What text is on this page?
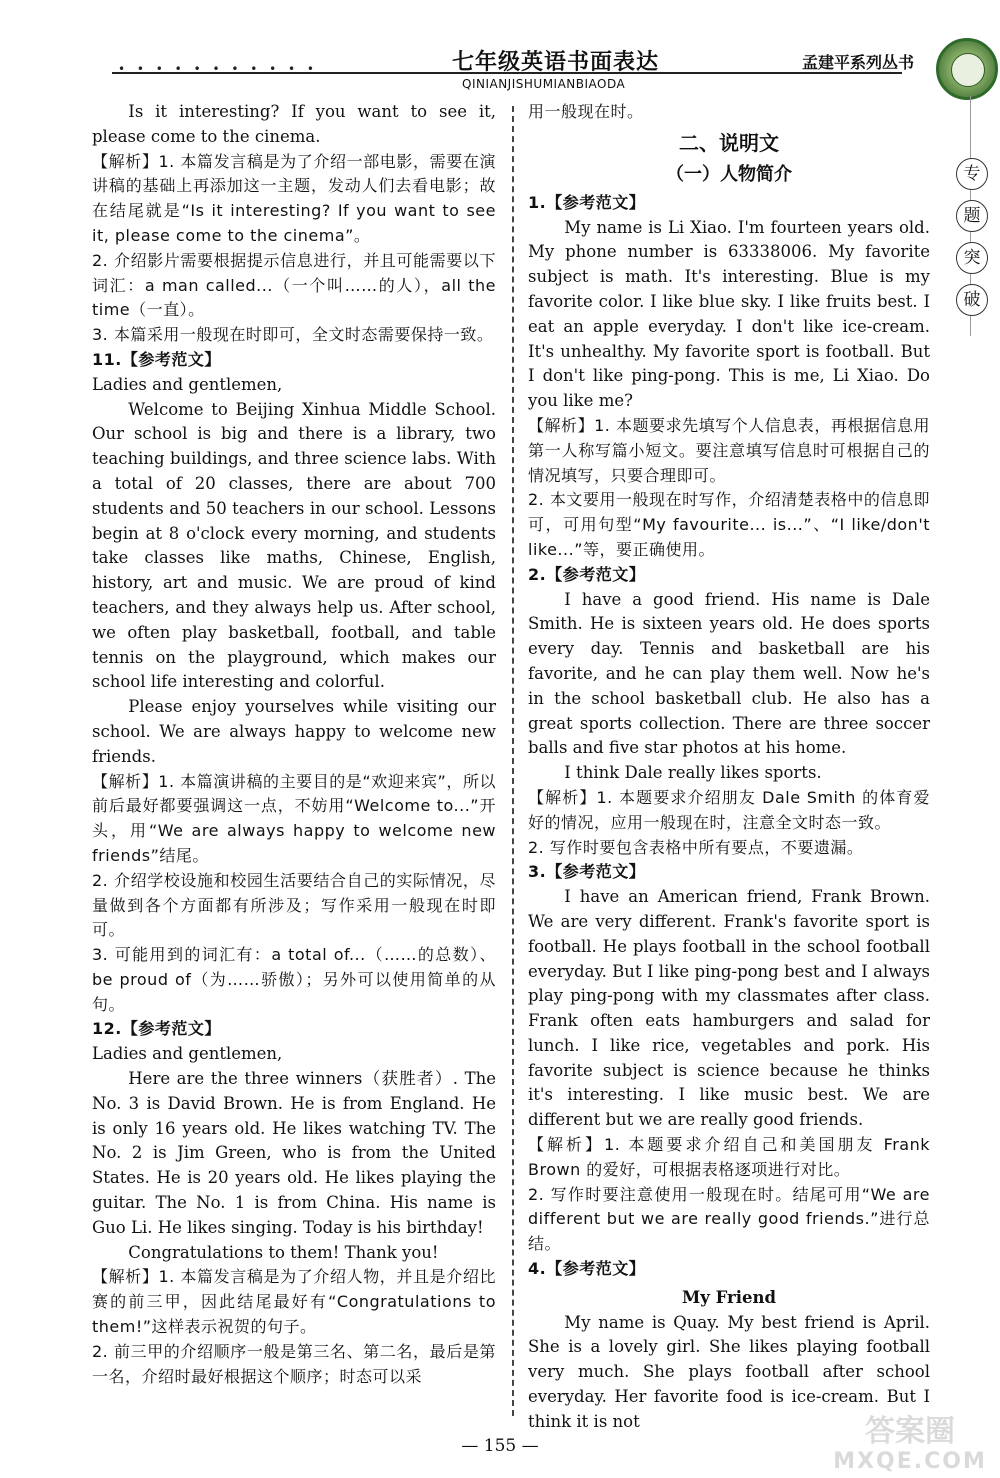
• • • • • • • • • • •	七年级英语书面表达
QINIANJISHUMIANBIAODA
孟建平系列丛书
专
题
突
破

Is it interesting? If you want to see it, please come to the cinema.

【解析】1. 本篇发言稿是为了介绍一部电影，需要在演讲稿的基础上再添加这一主题，发动人们去看电影；故在结尾就是“Is it interesting? If you want to see it, please come to the cinema”。

2. 介绍影片需要根据提示信息进行，并且可能需要以下词汇：a man called...（一个叫……的人），all the time（一直）。

3. 本篇采用一般现在时即可，全文时态需要保持一致。

11.【参考范文】

Ladies and gentlemen,

Welcome to Beijing Xinhua Middle School. Our school is big and there is a library, two teaching buildings, and three science labs. With a total of 20 classes, there are about 700 students and 50 teachers in our school. Lessons begin at 8 o'clock every morning, and students take classes like maths, Chinese, English, history, art and music. We are proud of kind teachers, and they always help us. After school, we often play basketball, football, and table tennis on the playground, which makes our school life interesting and colorful.

Please enjoy yourselves while visiting our school. We are always happy to welcome new friends.

【解析】1. 本篇演讲稿的主要目的是“欢迎来宾”，所以前后最好都要强调这一点，不妨用“Welcome to...”开头，用“We are always happy to welcome new friends”结尾。

2. 介绍学校设施和校园生活要结合自己的实际情况，尽量做到各个方面都有所涉及；写作采用一般现在时即可。

3. 可能用到的词汇有：a total of...（……的总数）、be proud of（为……骄傲）；另外可以使用简单的从句。

12.【参考范文】

Ladies and gentlemen,

Here are the three winners（获胜者）. The No. 3 is David Brown. He is from England. He is only 16 years old. He likes watching TV. The No. 2 is Jim Green, who is from the United States. He is 20 years old. He likes playing the guitar. The No. 1 is from China. His name is Guo Li. He likes singing. Today is his birthday!

Congratulations to them! Thank you!

【解析】1. 本篇发言稿是为了介绍人物，并且是介绍比赛的前三甲，因此结尾最好有“Congratulations to them!”这样表示祝贺的句子。

2. 前三甲的介绍顺序一般是第三名、第二名，最后是第一名，介绍时最好根据这个顺序；时态可以采

用一般现在时。

二、说明文

（一）人物简介

1.【参考范文】

My name is Li Xiao. I'm fourteen years old. My phone number is 63338006. My favorite subject is math. It's interesting. Blue is my favorite color. I like blue sky. I like fruits best. I eat an apple everyday. I don't like ice-cream. It's unhealthy. My favorite sport is football. But I don't like ping-pong. This is me, Li Xiao. Do you like me?

【解析】1. 本题要求先填写个人信息表，再根据信息用第一人称写篇小短文。要注意填写信息时可根据自己的情况填写，只要合理即可。

2. 本文要用一般现在时写作，介绍清楚表格中的信息即可，可用句型“My favourite... is...”、“I like/don't like...”等，要正确使用。

2.【参考范文】

I have a good friend. His name is Dale Smith. He is sixteen years old. He does sports every day. Tennis and basketball are his favorite, and he can play them well. Now he's in the school basketball club. He also has a great sports collection. There are three soccer balls and five star photos at his home.

I think Dale really likes sports.

【解析】1. 本题要求介绍朋友 Dale Smith 的体育爱好的情况，应用一般现在时，注意全文时态一致。

2. 写作时要包含表格中所有要点，不要遗漏。

3.【参考范文】

I have an American friend, Frank Brown. We are very different. Frank's favorite sport is football. He plays football in the school football everyday. But I like ping-pong best and I always play ping-pong with my classmates after class. Frank often eats hamburgers and salad for lunch. I like rice, vegetables and pork. His favorite subject is science because he thinks it's interesting. I like music best. We are different but we are really good friends.

【解析】1. 本题要求介绍自己和美国朋友 Frank Brown 的爱好，可根据表格逐项进行对比。

2. 写作时要注意使用一般现在时。结尾可用“We are different but we are really good friends.”进行总结。

4.【参考范文】

My Friend

My name is Quay. My best friend is April. She is a lovely girl. She likes playing football very much. She plays football after school everyday. Her favorite food is ice-cream. But I think it is not

— 155 —	答案圈
MXQE.COM
